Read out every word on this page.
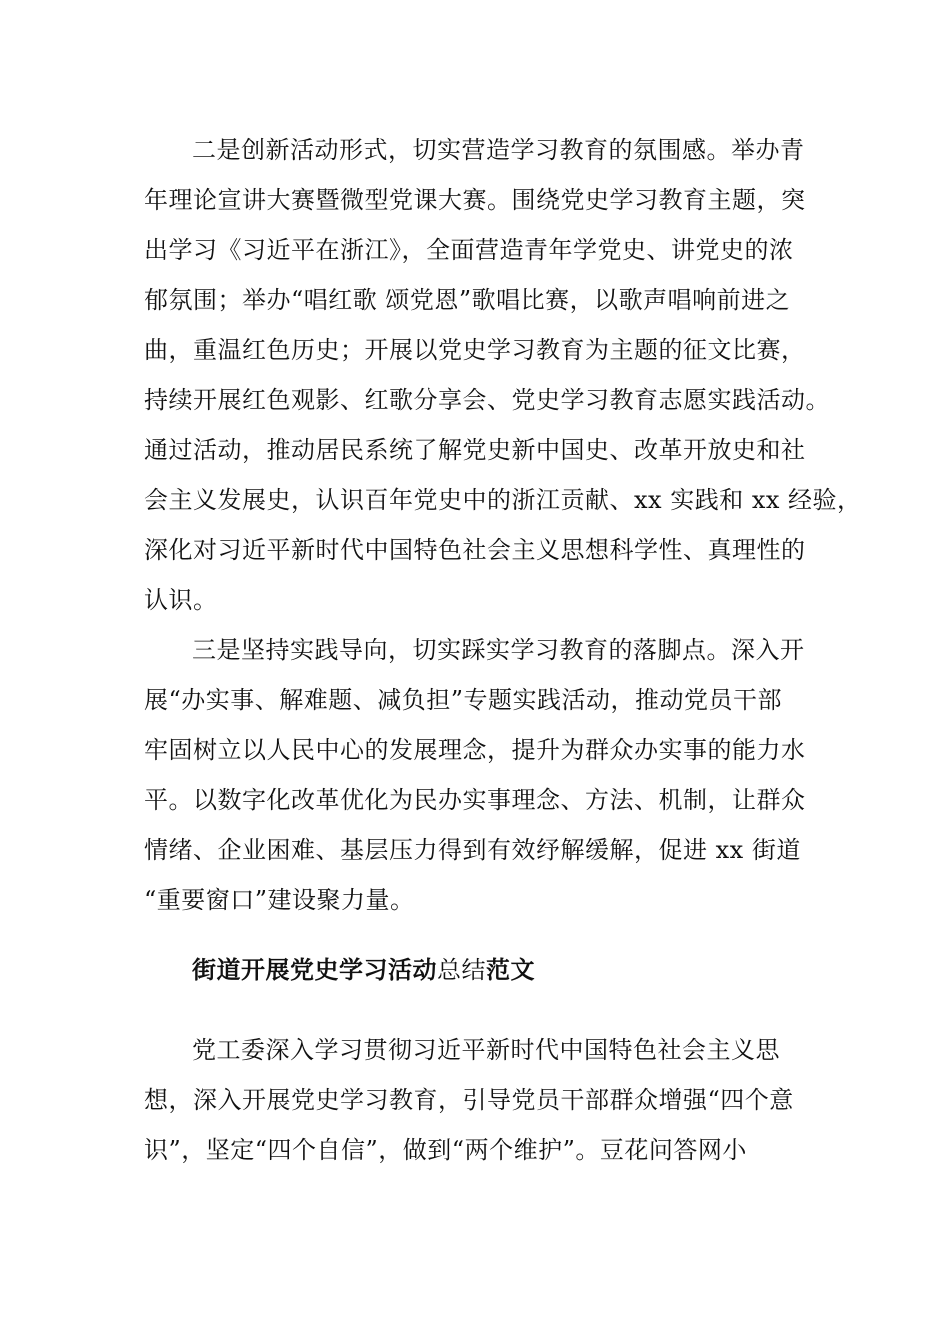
二是创新活动形式，切实营造学习教育的氛围感。举办青
年理论宣讲大赛暨微型党课大赛。围绕党史学习教育主题，突
出学习《习近平在浙江》，全面营造青年学党史、讲党史的浓
郁氛围；举办“唱红歌 颂党恩”歌唱比赛，以歌声唱响前进之
曲，重温红色历史；开展以党史学习教育为主题的征文比赛，
持续开展红色观影、红歌分享会、党史学习教育志愿实践活动。
通过活动，推动居民系统了解党史新中国史、改革开放史和社
会主义发展史，认识百年党史中的浙江贡献、xx 实践和 xx 经验，
深化对习近平新时代中国特色社会主义思想科学性、真理性的
认识。
三是坚持实践导向，切实踩实学习教育的落脚点。深入开
展“办实事、解难题、减负担”专题实践活动，推动党员干部
牢固树立以人民中心的发展理念，提升为群众办实事的能力水
平。以数字化改革优化为民办实事理念、方法、机制，让群众
情绪、企业困难、基层压力得到有效纾解缓解，促进 xx 街道
“重要窗口”建设聚力量。
街道开展党史学习活动总结范文
党工委深入学习贯彻习近平新时代中国特色社会主义思
想，深入开展党史学习教育，引导党员干部群众增强“四个意
识”，坚定“四个自信”，做到“两个维护”。豆花问答网小
